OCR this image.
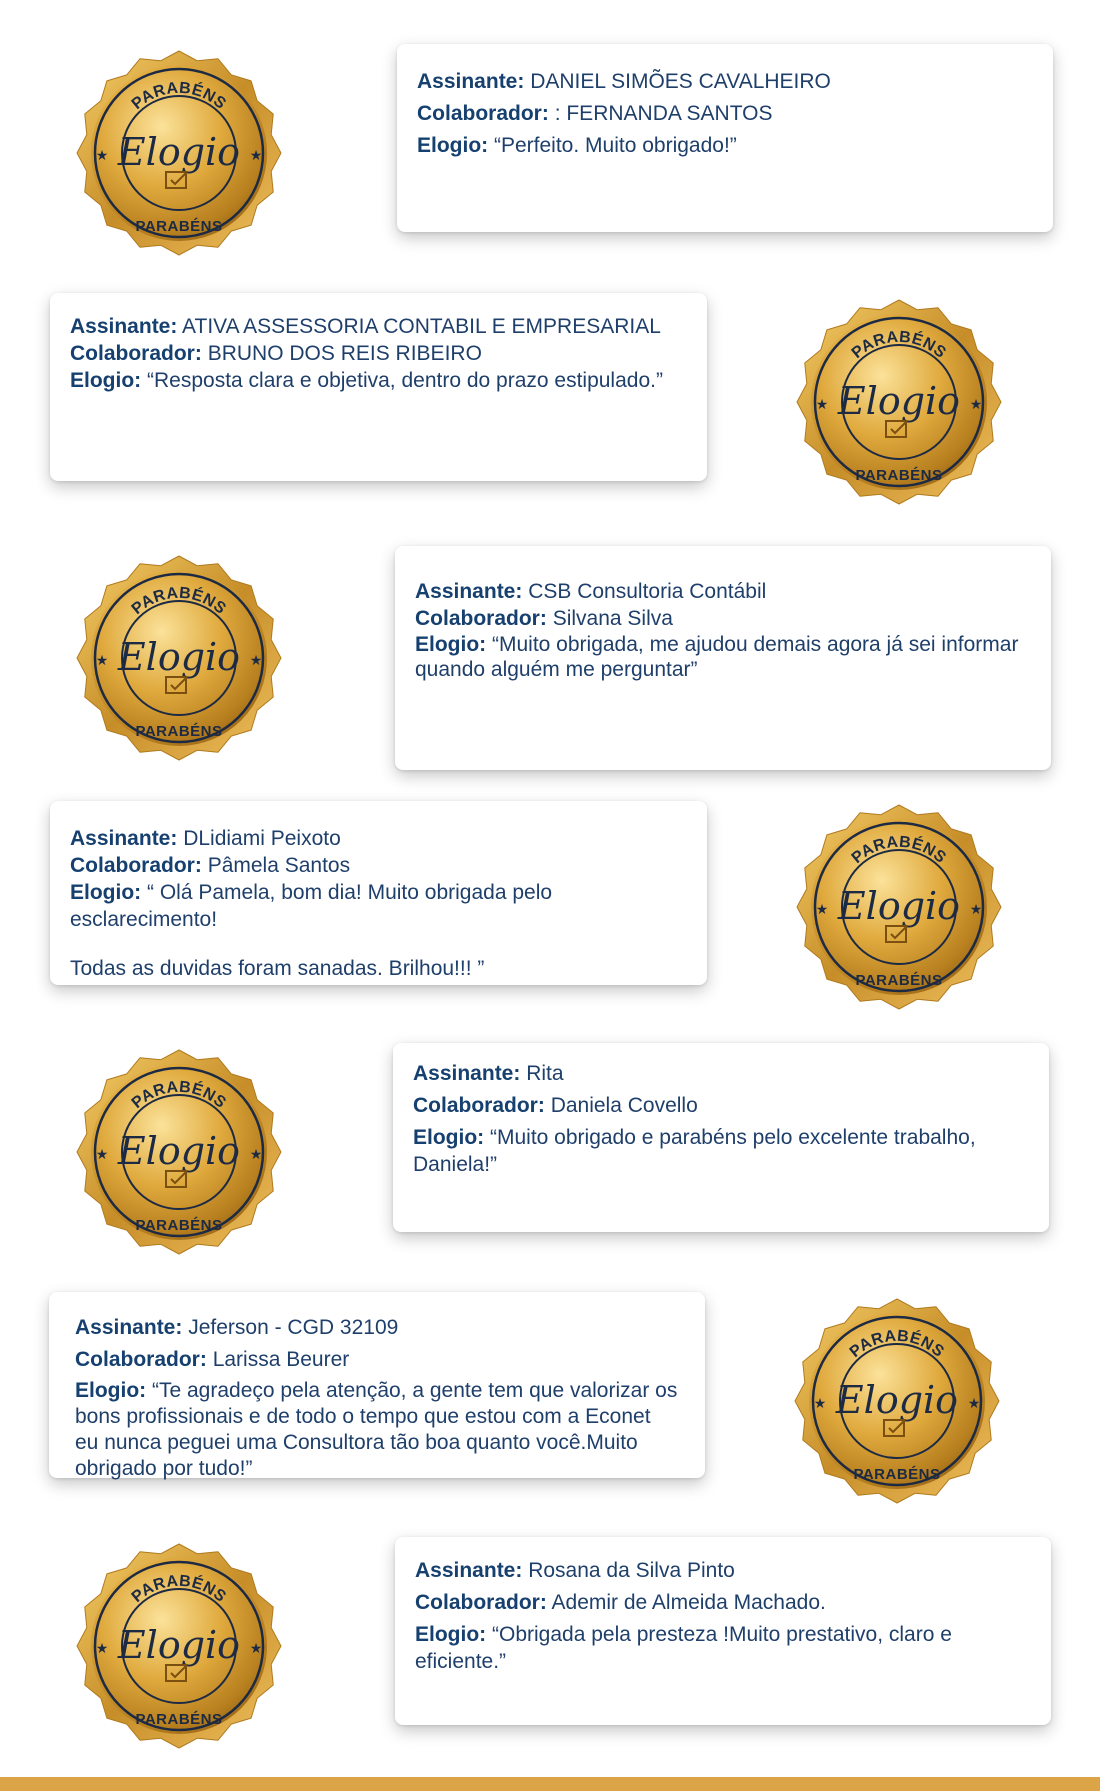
Assinante: DANIEL SIMÕES CAVALHEIRO
Colaborador: : FERNANDA SANTOS
Elogio: “Perfeito. Muito obrigado!”
PARABÉNS
PARABÉNS
★	★
Elogio
Assinante: ATIVA ASSESSORIA CONTABIL E EMPRESARIAL
Colaborador: BRUNO DOS REIS RIBEIRO
Elogio: “Resposta clara e objetiva, dentro do prazo estipulado.”
PARABÉNS
PARABÉNS
★	★
Elogio
Assinante: CSB Consultoria Contábil
Colaborador: Silvana Silva
Elogio: “Muito obrigada, me ajudou demais agora já sei informar quando alguém me perguntar”
PARABÉNS
PARABÉNS
★	★
Elogio
Assinante: DLidiami Peixoto
Colaborador: Pâmela Santos
Elogio: “ Olá Pamela, bom dia! Muito obrigada pelo esclarecimento!
Todas as duvidas foram sanadas. Brilhou!!! ”
PARABÉNS
PARABÉNS
★	★
Elogio
Assinante: Rita
Colaborador: Daniela Covello
Elogio: “Muito obrigado e parabéns pelo excelente trabalho, Daniela!”
PARABÉNS
PARABÉNS
★	★
Elogio
Assinante: Jeferson - CGD 32109
Colaborador: Larissa Beurer
Elogio: “Te agradeço pela atenção, a gente tem que valorizar os bons profissionais e de todo o tempo que estou com a Econet eu nunca peguei uma Consultora tão boa quanto você.Muito obrigado por tudo!”
PARABÉNS
PARABÉNS
★	★
Elogio
Assinante: Rosana da Silva Pinto
Colaborador: Ademir de Almeida Machado.
Elogio: “Obrigada pela presteza !Muito prestativo, claro e eficiente.”
PARABÉNS
PARABÉNS
★	★
Elogio
